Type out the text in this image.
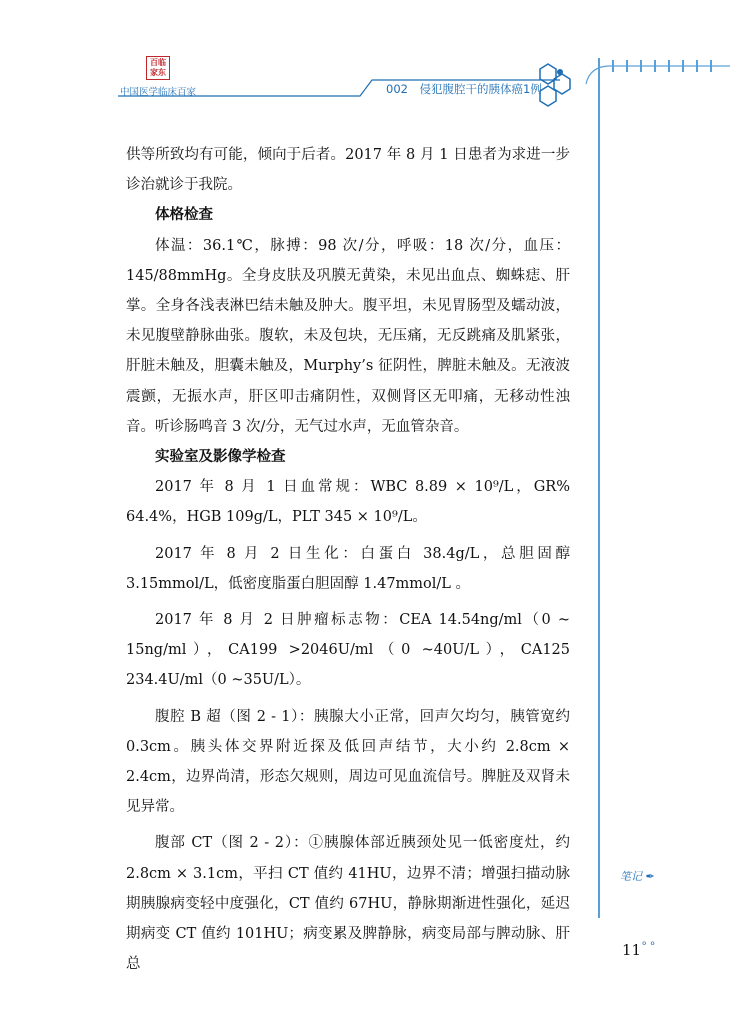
百临家东
中国医学临床百家	002　侵犯腹腔干的胰体癌1例
笔记 ✒

供等所致均有可能，倾向于后者。2017 年 8 月 1 日患者为求进一步诊治就诊于我院。

体格检查

体温：36.1℃，脉搏：98 次/分，呼吸：18 次/分，血压：145/88mmHg。全身皮肤及巩膜无黄染，未见出血点、蜘蛛痣、肝掌。全身各浅表淋巴结未触及肿大。腹平坦，未见胃肠型及蠕动波，未见腹壁静脉曲张。腹软，未及包块，无压痛，无反跳痛及肌紧张，肝脏未触及，胆囊未触及，Murphy’s 征阴性，脾脏未触及。无液波震颤，无振水声，肝区叩击痛阴性，双侧肾区无叩痛，无移动性浊音。听诊肠鸣音 3 次/分，无气过水声，无血管杂音。

实验室及影像学检查

2017 年 8 月 1 日血常规：WBC 8.89 × 10⁹/L，GR% 64.4%，HGB 109g/L，PLT 345 × 10⁹/L。

2017 年 8 月 2 日生化：白蛋白 38.4g/L，总胆固醇 3.15mmol/L，低密度脂蛋白胆固醇 1.47mmol/L 。

2017 年 8 月 2 日肿瘤标志物：CEA 14.54ng/ml（0 ~ 15ng/ml），CA199 >2046U/ml（0 ~40U/L），CA125 234.4U/ml（0 ~35U/L）。

腹腔 B 超（图 2 - 1）：胰腺大小正常，回声欠均匀，胰管宽约 0.3cm。胰头体交界附近探及低回声结节，大小约 2.8cm × 2.4cm，边界尚清，形态欠规则，周边可见血流信号。脾脏及双肾未见异常。

腹部 CT（图 2 - 2）：①胰腺体部近胰颈处见一低密度灶，约 2.8cm × 3.1cm，平扫 CT 值约 41HU，边界不清；增强扫描动脉期胰腺病变轻中度强化，CT 值约 67HU，静脉期渐进性强化，延迟期病变 CT 值约 101HU；病变累及脾静脉，病变局部与脾动脉、肝总

11
⚬⚬
